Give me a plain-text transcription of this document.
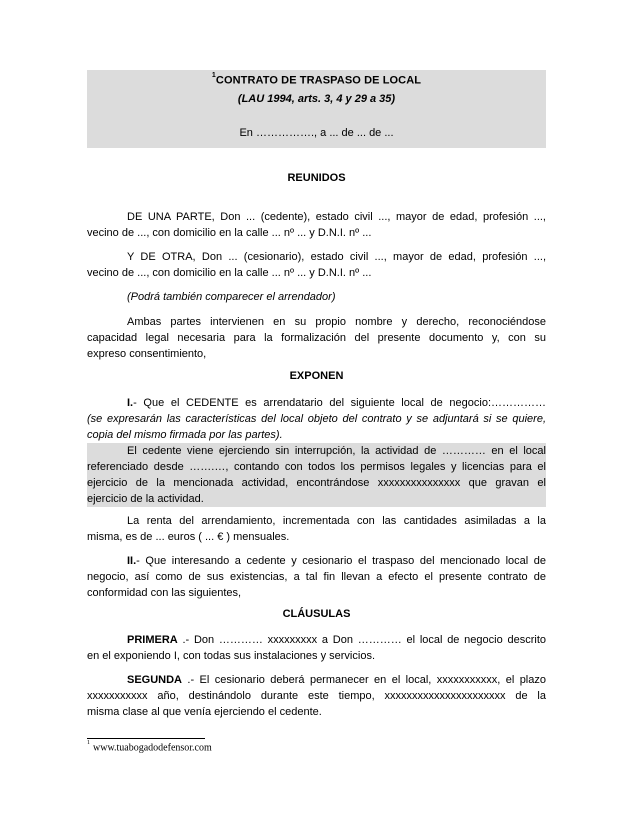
$^1$CONTRATO DE TRASPASO DE LOCAL
(LAU 1994, arts. 3, 4 y 29 a 35)
En ……………., a ... de ... de ...
REUNIDOS
DE UNA PARTE, Don ... (cedente), estado civil ..., mayor de edad, profesión ...,
vecino de ..., con domicilio en la calle ... nº ... y D.N.I. nº ...
Y DE OTRA, Don ... (cesionario), estado civil ..., mayor de edad, profesión ...,
vecino de ..., con domicilio en la calle ... nº ... y D.N.I. nº ...
(Podrá también comparecer el arrendador)
Ambas partes intervienen en su propio nombre y derecho, reconociéndose
capacidad legal necesaria para la formalización del presente documento y, con su
expreso consentimiento,
EXPONEN
I.- Que el CEDENTE es arrendatario del siguiente local de negocio:……………
(se expresarán las características del local objeto del contrato y se adjuntará si se quiere,
copia del mismo firmada por las partes).
El cedente viene ejerciendo sin interrupción, la actividad de ………… en el local
referenciado desde …….…, contando con todos los permisos legales y licencias para el
ejercicio de la mencionada actividad, encontrándose xxxxxxxxxxxxxxx que gravan el
ejercicio de la actividad.
La renta del arrendamiento, incrementada con las cantidades asimiladas a la
misma, es de ... euros ( ... € ) mensuales.
II.- Que interesando a cedente y cesionario el traspaso del mencionado local de
negocio, así como de sus existencias, a tal fin llevan a efecto el presente contrato de
conformidad con las siguientes,
CLÁUSULAS
PRIMERA .- Don ………… xxxxxxxxx a Don ………… el local de negocio descrito
en el exponiendo I, con todas sus instalaciones y servicios.
SEGUNDA .- El cesionario deberá permanecer en el local, xxxxxxxxxxx, el plazo
xxxxxxxxxxx año, destinándolo durante este tiempo, xxxxxxxxxxxxxxxxxxxxxx de la
misma clase al que venía ejerciendo el cedente.
$^1$ www.tuabogadodefensor.com
